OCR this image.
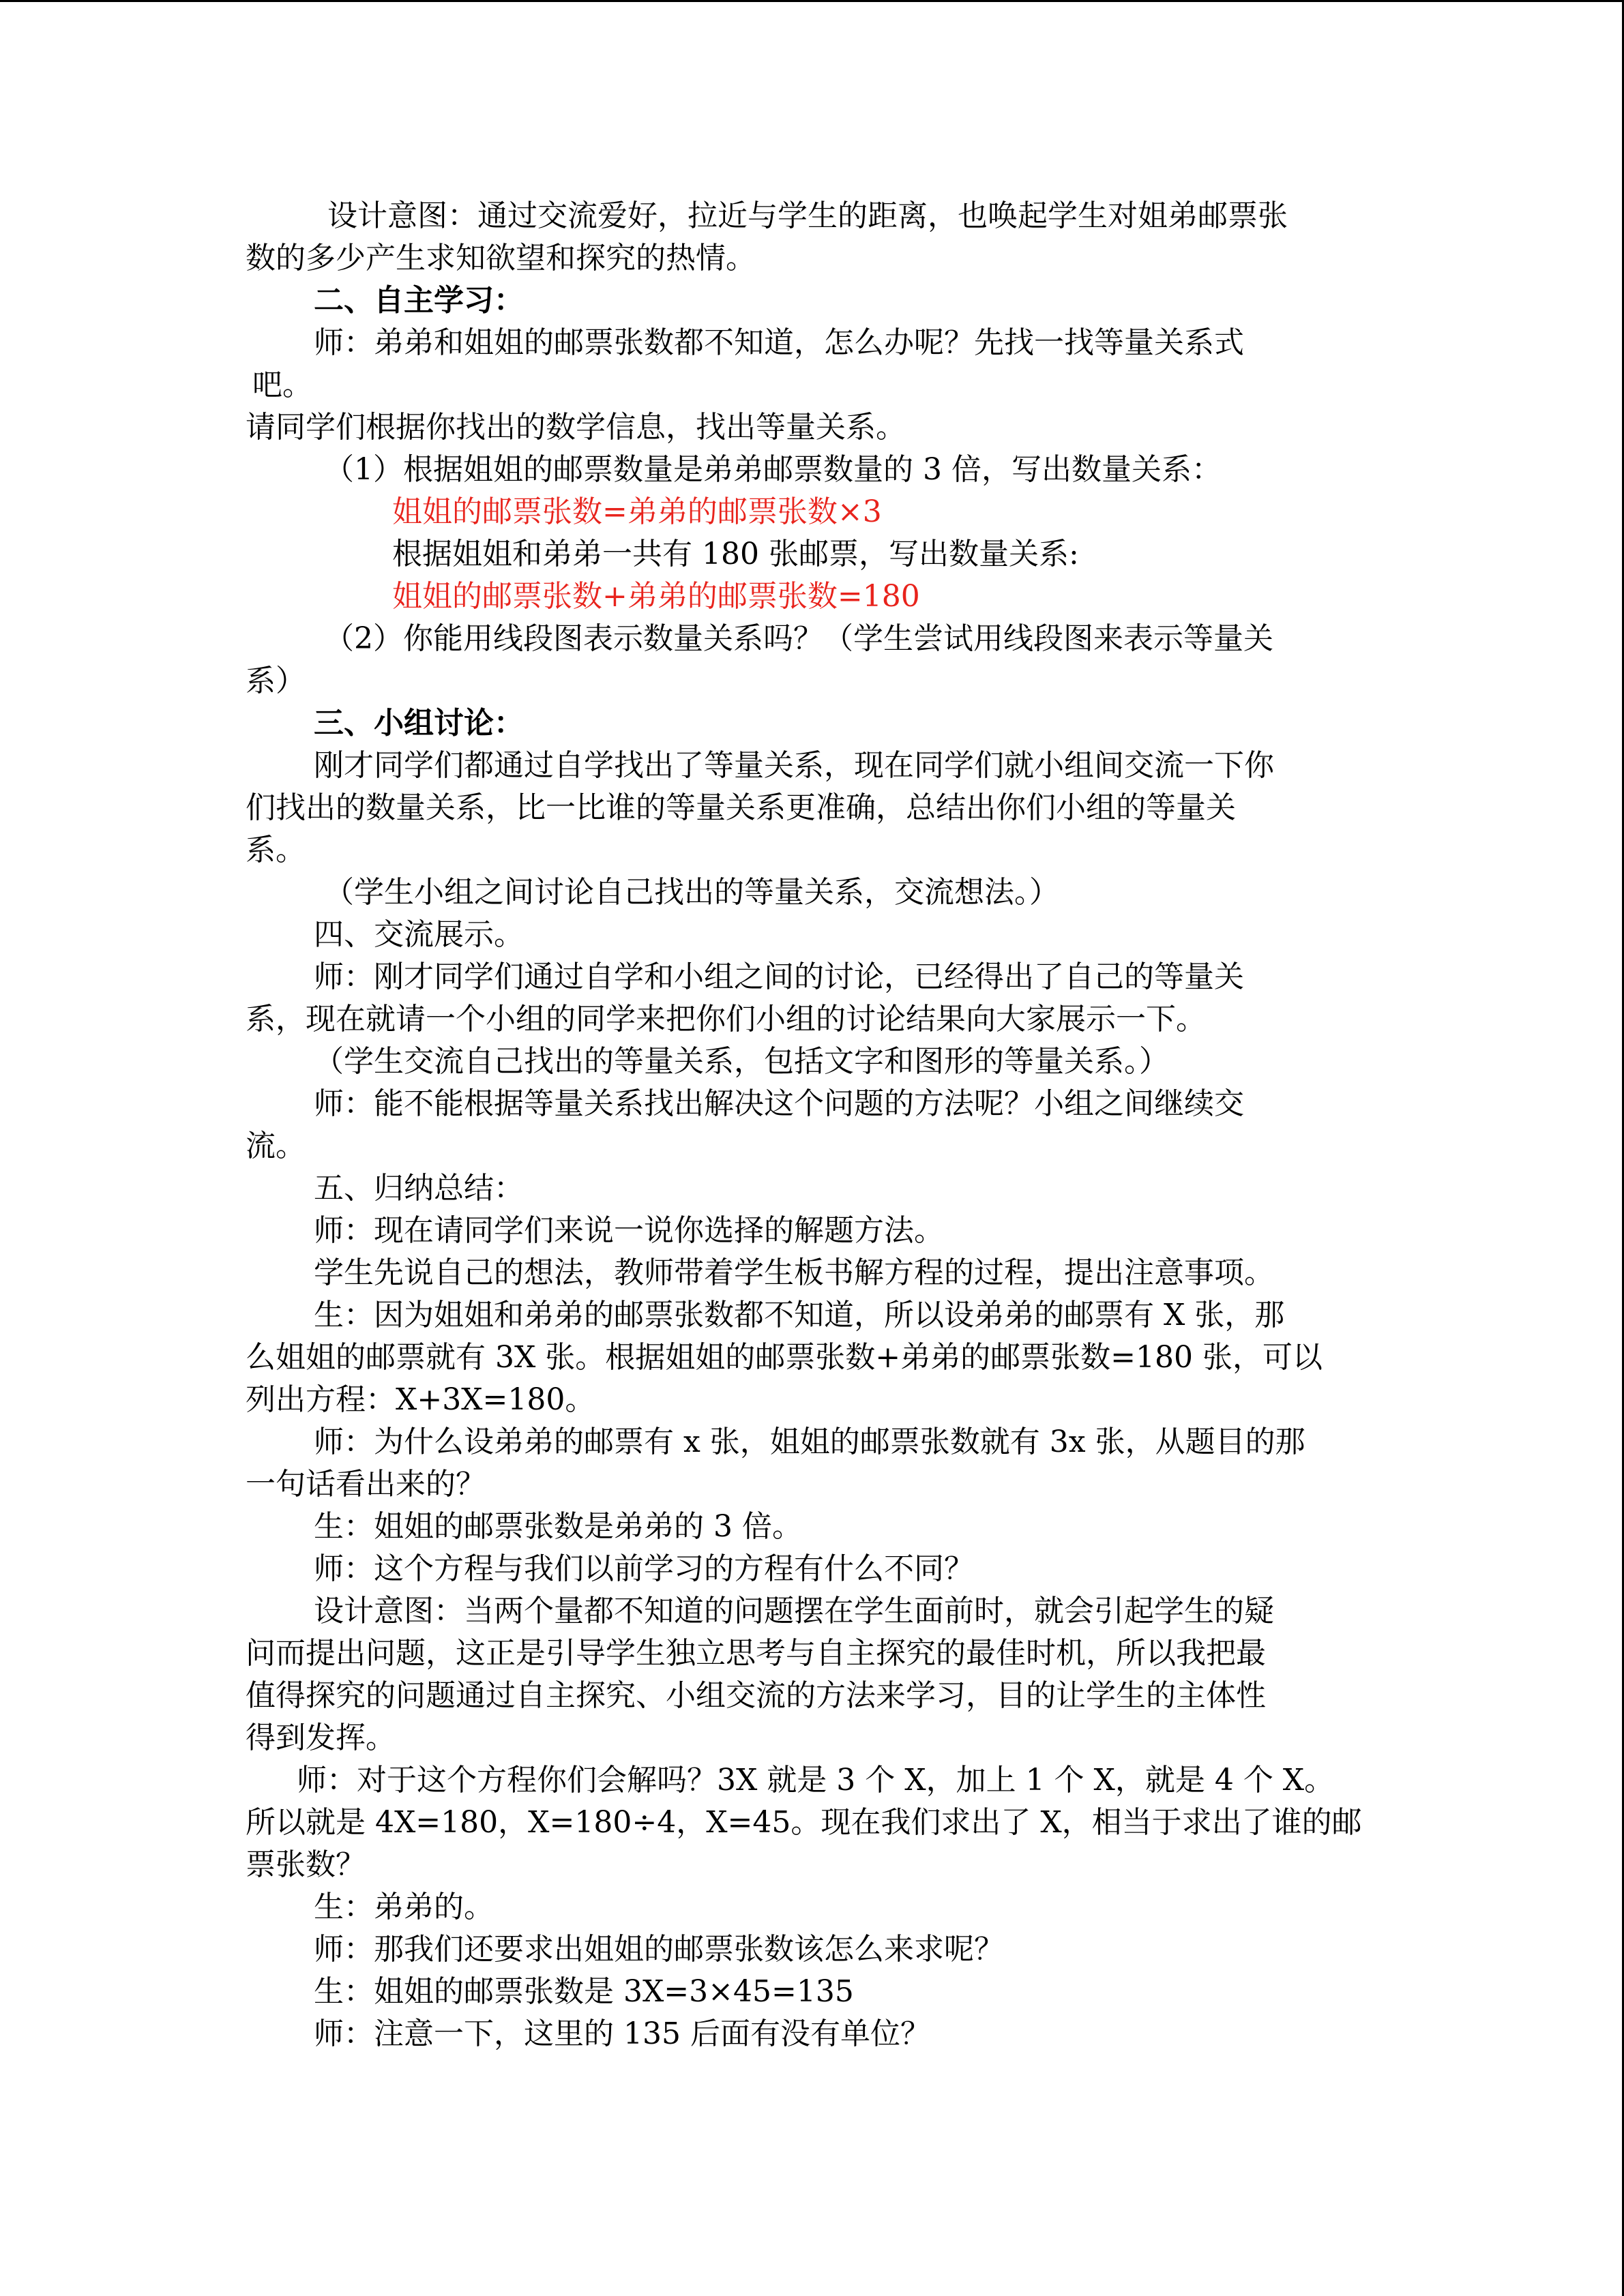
设计意图：通过交流爱好，拉近与学生的距离，也唤起学生对姐弟邮票张
数的多少产生求知欲望和探究的热情。
二、自主学习：
师：弟弟和姐姐的邮票张数都不知道，怎么办呢？先找一找等量关系式
吧。
请同学们根据你找出的数学信息，找出等量关系。
（1）根据姐姐的邮票数量是弟弟邮票数量的 3 倍，写出数量关系：
姐姐的邮票张数=弟弟的邮票张数×3
根据姐姐和弟弟一共有 180 张邮票，写出数量关系:
姐姐的邮票张数+弟弟的邮票张数=180
（2）你能用线段图表示数量关系吗？（学生尝试用线段图来表示等量关
系）
三、小组讨论：
刚才同学们都通过自学找出了等量关系，现在同学们就小组间交流一下你
们找出的数量关系，比一比谁的等量关系更准确，总结出你们小组的等量关
系。
（学生小组之间讨论自己找出的等量关系，交流想法。）
四、交流展示。
师：刚才同学们通过自学和小组之间的讨论，已经得出了自己的等量关
系，现在就请一个小组的同学来把你们小组的讨论结果向大家展示一下。
（学生交流自己找出的等量关系，包括文字和图形的等量关系。）
师：能不能根据等量关系找出解决这个问题的方法呢？小组之间继续交
流。
五、归纳总结：
师：现在请同学们来说一说你选择的解题方法。
学生先说自己的想法，教师带着学生板书解方程的过程，提出注意事项。
生：因为姐姐和弟弟的邮票张数都不知道，所以设弟弟的邮票有 X 张，那
么姐姐的邮票就有 3X 张。根据姐姐的邮票张数+弟弟的邮票张数=180 张，可以
列出方程：X+3X=180。
师：为什么设弟弟的邮票有 x 张，姐姐的邮票张数就有 3x 张，从题目的那
一句话看出来的？
生：姐姐的邮票张数是弟弟的 3 倍。
师：这个方程与我们以前学习的方程有什么不同？
设计意图：当两个量都不知道的问题摆在学生面前时，就会引起学生的疑
问而提出问题，这正是引导学生独立思考与自主探究的最佳时机，所以我把最
值得探究的问题通过自主探究、小组交流的方法来学习，目的让学生的主体性
得到发挥。
师：对于这个方程你们会解吗？3X 就是 3 个 X，加上 1 个 X，就是 4 个 X。
所以就是 4X=180，X=180÷4，X=45。现在我们求出了 X，相当于求出了谁的邮
票张数？
生：弟弟的。
师：那我们还要求出姐姐的邮票张数该怎么来求呢？
生：姐姐的邮票张数是 3X=3×45=135
师：注意一下，这里的 135 后面有没有单位？
